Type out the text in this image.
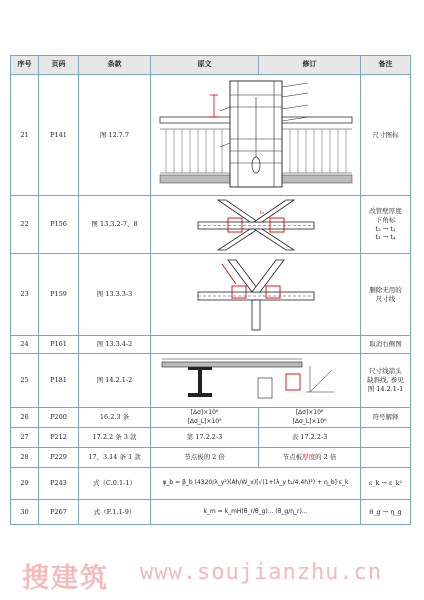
序号	页码	条款	原文	修订	备注
21	P141	图 12.7.7			尺寸图标
22	P156	图 13.3.2-7、8	t₃		改管壁厚度
下角标
t₂ → t₃
t₁ → t₄

23	P159	图 13.3.3-3			删除无用的
尺寸线

24	P161	图 13.3.4-2			取消右侧图
25	P181	图 14.2.1-2			尺寸线箭头
缺斜线, 参见
图 14.2.1-1

26	P200	16.2.3 条	[Δσ]×10⁶
[Δσ_L]×10⁸	[Δσ]×10⁶
[Δσ_L]×10⁸	符号解释
27	P212	17.2.2 条 3 款	第 17.2.2-3	表 17.2.2-3	
28	P229	17、3.14 条 1 款	节点板的 2 倍	节点板厚度的 2 倍	
29	P243	式（C.0.1-1）	φ_b = β_b (4320/λ_y²)(Ah/W_x)[√(1+(λ_y t₁/4.4h)²) + η_b]·ε_k		ε_k → ε_k²
30	P267	式（F.1.1-9）	k_m = k_mH(θ_r/θ_g)... (θ_g/η_r)...		θ_g → η_g
搜建筑 www.soujianzhu.cn
